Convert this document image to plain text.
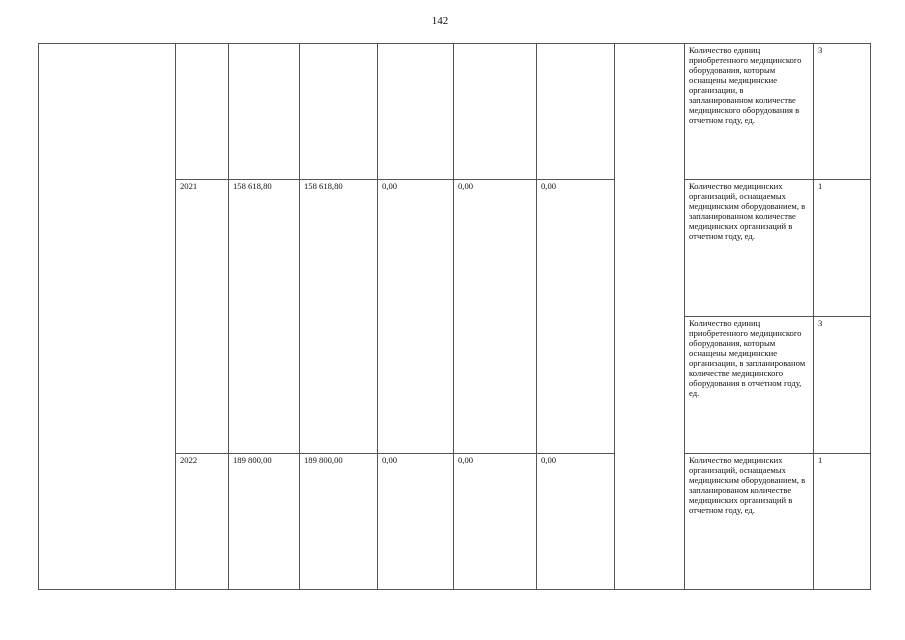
142
								Количество единиц приобретенного медицинского оборудования, которым оснащены медицинские организации, в запланированном количестве медицинского оборудования в отчетном году, ед.	3
	2021	158 618,80	158 618,80	0,00	0,00	0,00		Количество медицинских организаций, оснащаемых медицинским оборудованием, в запланированном количестве медицинских организаций в отчетном году, ед.	1
								Количество единиц приобретенного медицинского оборудования, которым оснащены медицинские организации, в запланированом количестве медицинского оборудования в отчетном году, ед.	3
	2022	189 800,00	189 800,00	0,00	0,00	0,00		Количество медицинских организаций, оснащаемых медицинским оборудованием, в запланированом количестве медицинских организаций в отчетном году, ед.	1
